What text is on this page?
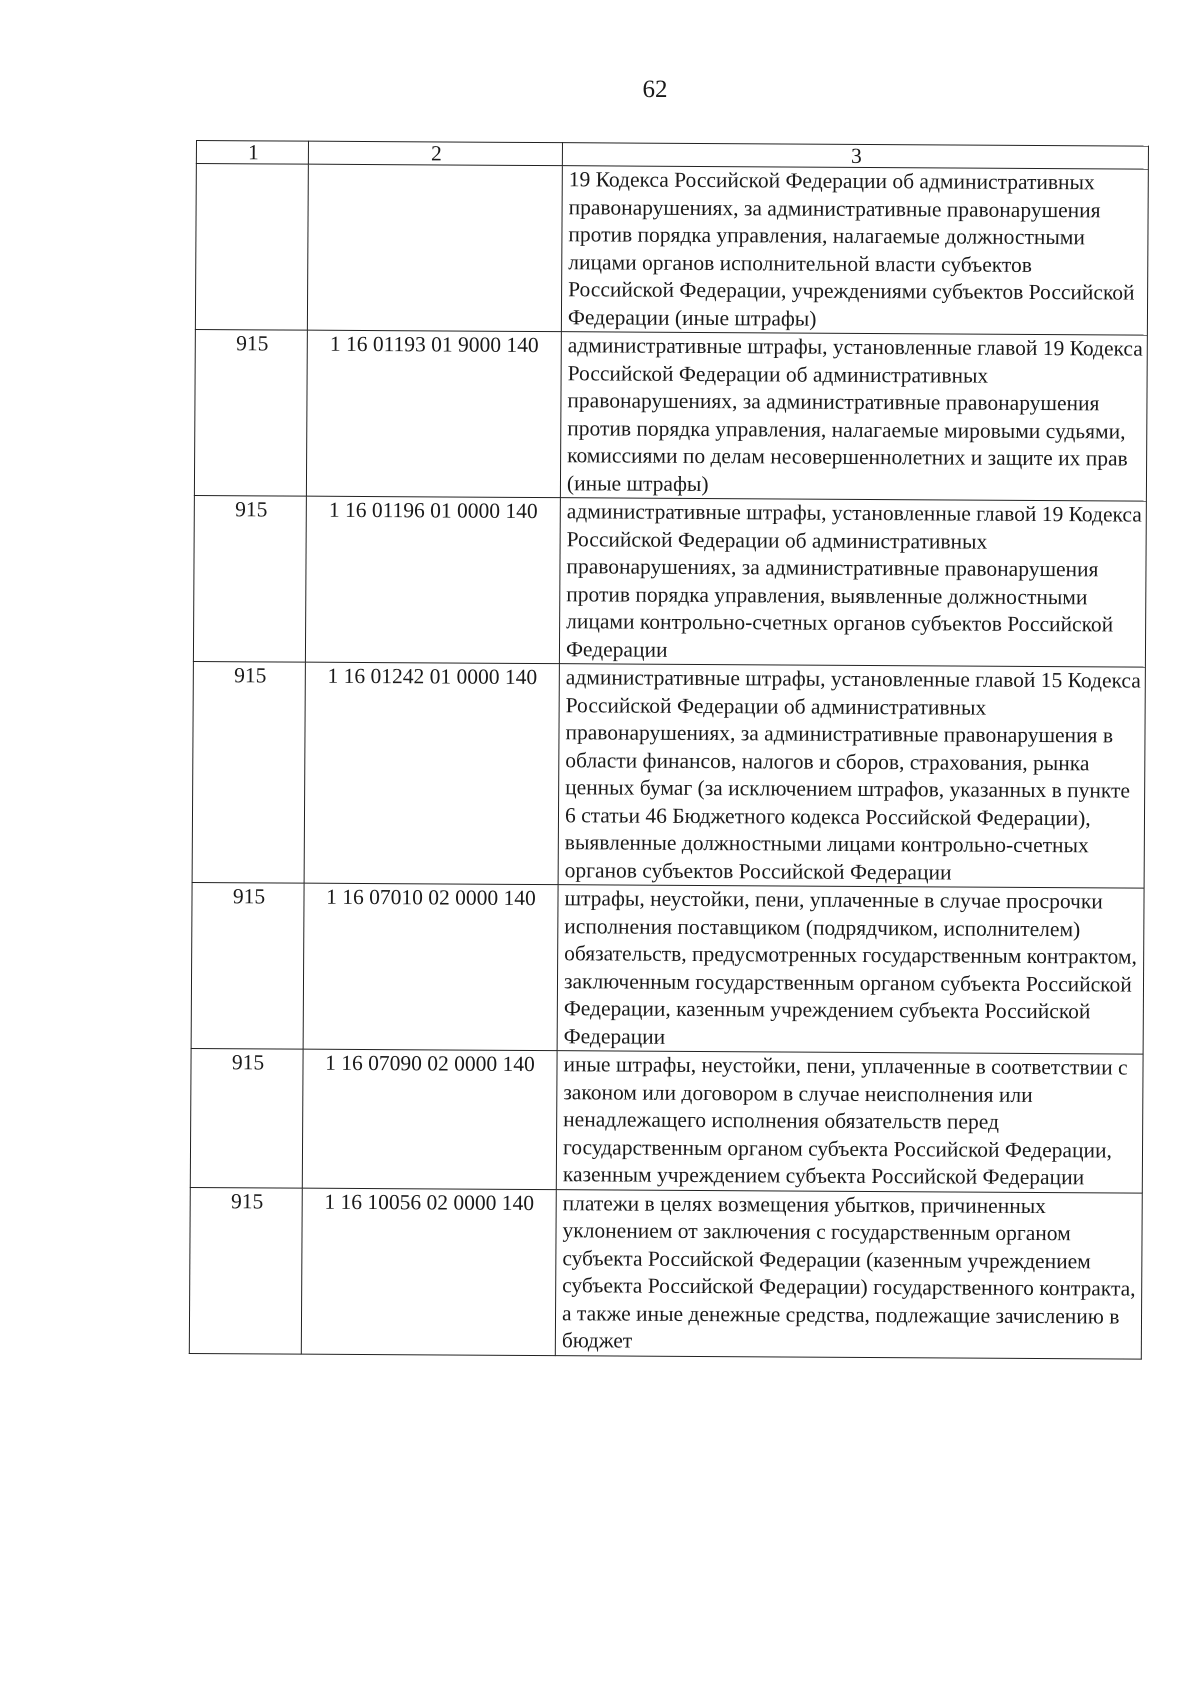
62
1	2	3
		19 Кодекса Российской Федерации об административных правонарушениях, за административные правонарушения против порядка управления, налагаемые должностными лицами органов исполнительной власти субъектов Российской Федерации, учреждениями субъектов Российской Федерации (иные штрафы)
915	1 16 01193 01 9000 140	административные штрафы, установленные главой 19 Кодекса Российской Федерации об административных правонарушениях, за административные правонарушения против порядка управления, налагаемые мировыми судьями, комиссиями по делам несовершеннолетних и защите их прав (иные штрафы)
915	1 16 01196 01 0000 140	административные штрафы, установленные главой 19 Кодекса Российской Федерации об административных правонарушениях, за административные правонарушения против порядка управления, выявленные должностными лицами контрольно-счетных органов субъектов Российской Федерации
915	1 16 01242 01 0000 140	административные штрафы, установленные главой 15 Кодекса Российской Федерации об административных правонарушениях, за административные правонарушения в области финансов, налогов и сборов, страхования, рынка ценных бумаг (за исключением штрафов, указанных в пункте 6 статьи 46 Бюджетного кодекса Российской Федерации), выявленные должностными лицами контрольно-счетных органов субъектов Российской Федерации
915	1 16 07010 02 0000 140	штрафы, неустойки, пени, уплаченные в случае просрочки исполнения поставщиком (подрядчиком, исполнителем) обязательств, предусмотренных государственным контрактом, заключенным государственным органом субъекта Российской Федерации, казенным учреждением субъекта Российской Федерации
915	1 16 07090 02 0000 140	иные штрафы, неустойки, пени, уплаченные в соответствии с законом или договором в случае неисполнения или ненадлежащего исполнения обязательств перед государственным органом субъекта Российской Федерации, казенным учреждением субъекта Российской Федерации
915	1 16 10056 02 0000 140	платежи в целях возмещения убытков, причиненных уклонением от заключения с государственным органом субъекта Российской Федерации (казенным учреждением субъекта Российской Федерации) государственного контракта, а также иные денежные средства, подлежащие зачислению в бюджет
